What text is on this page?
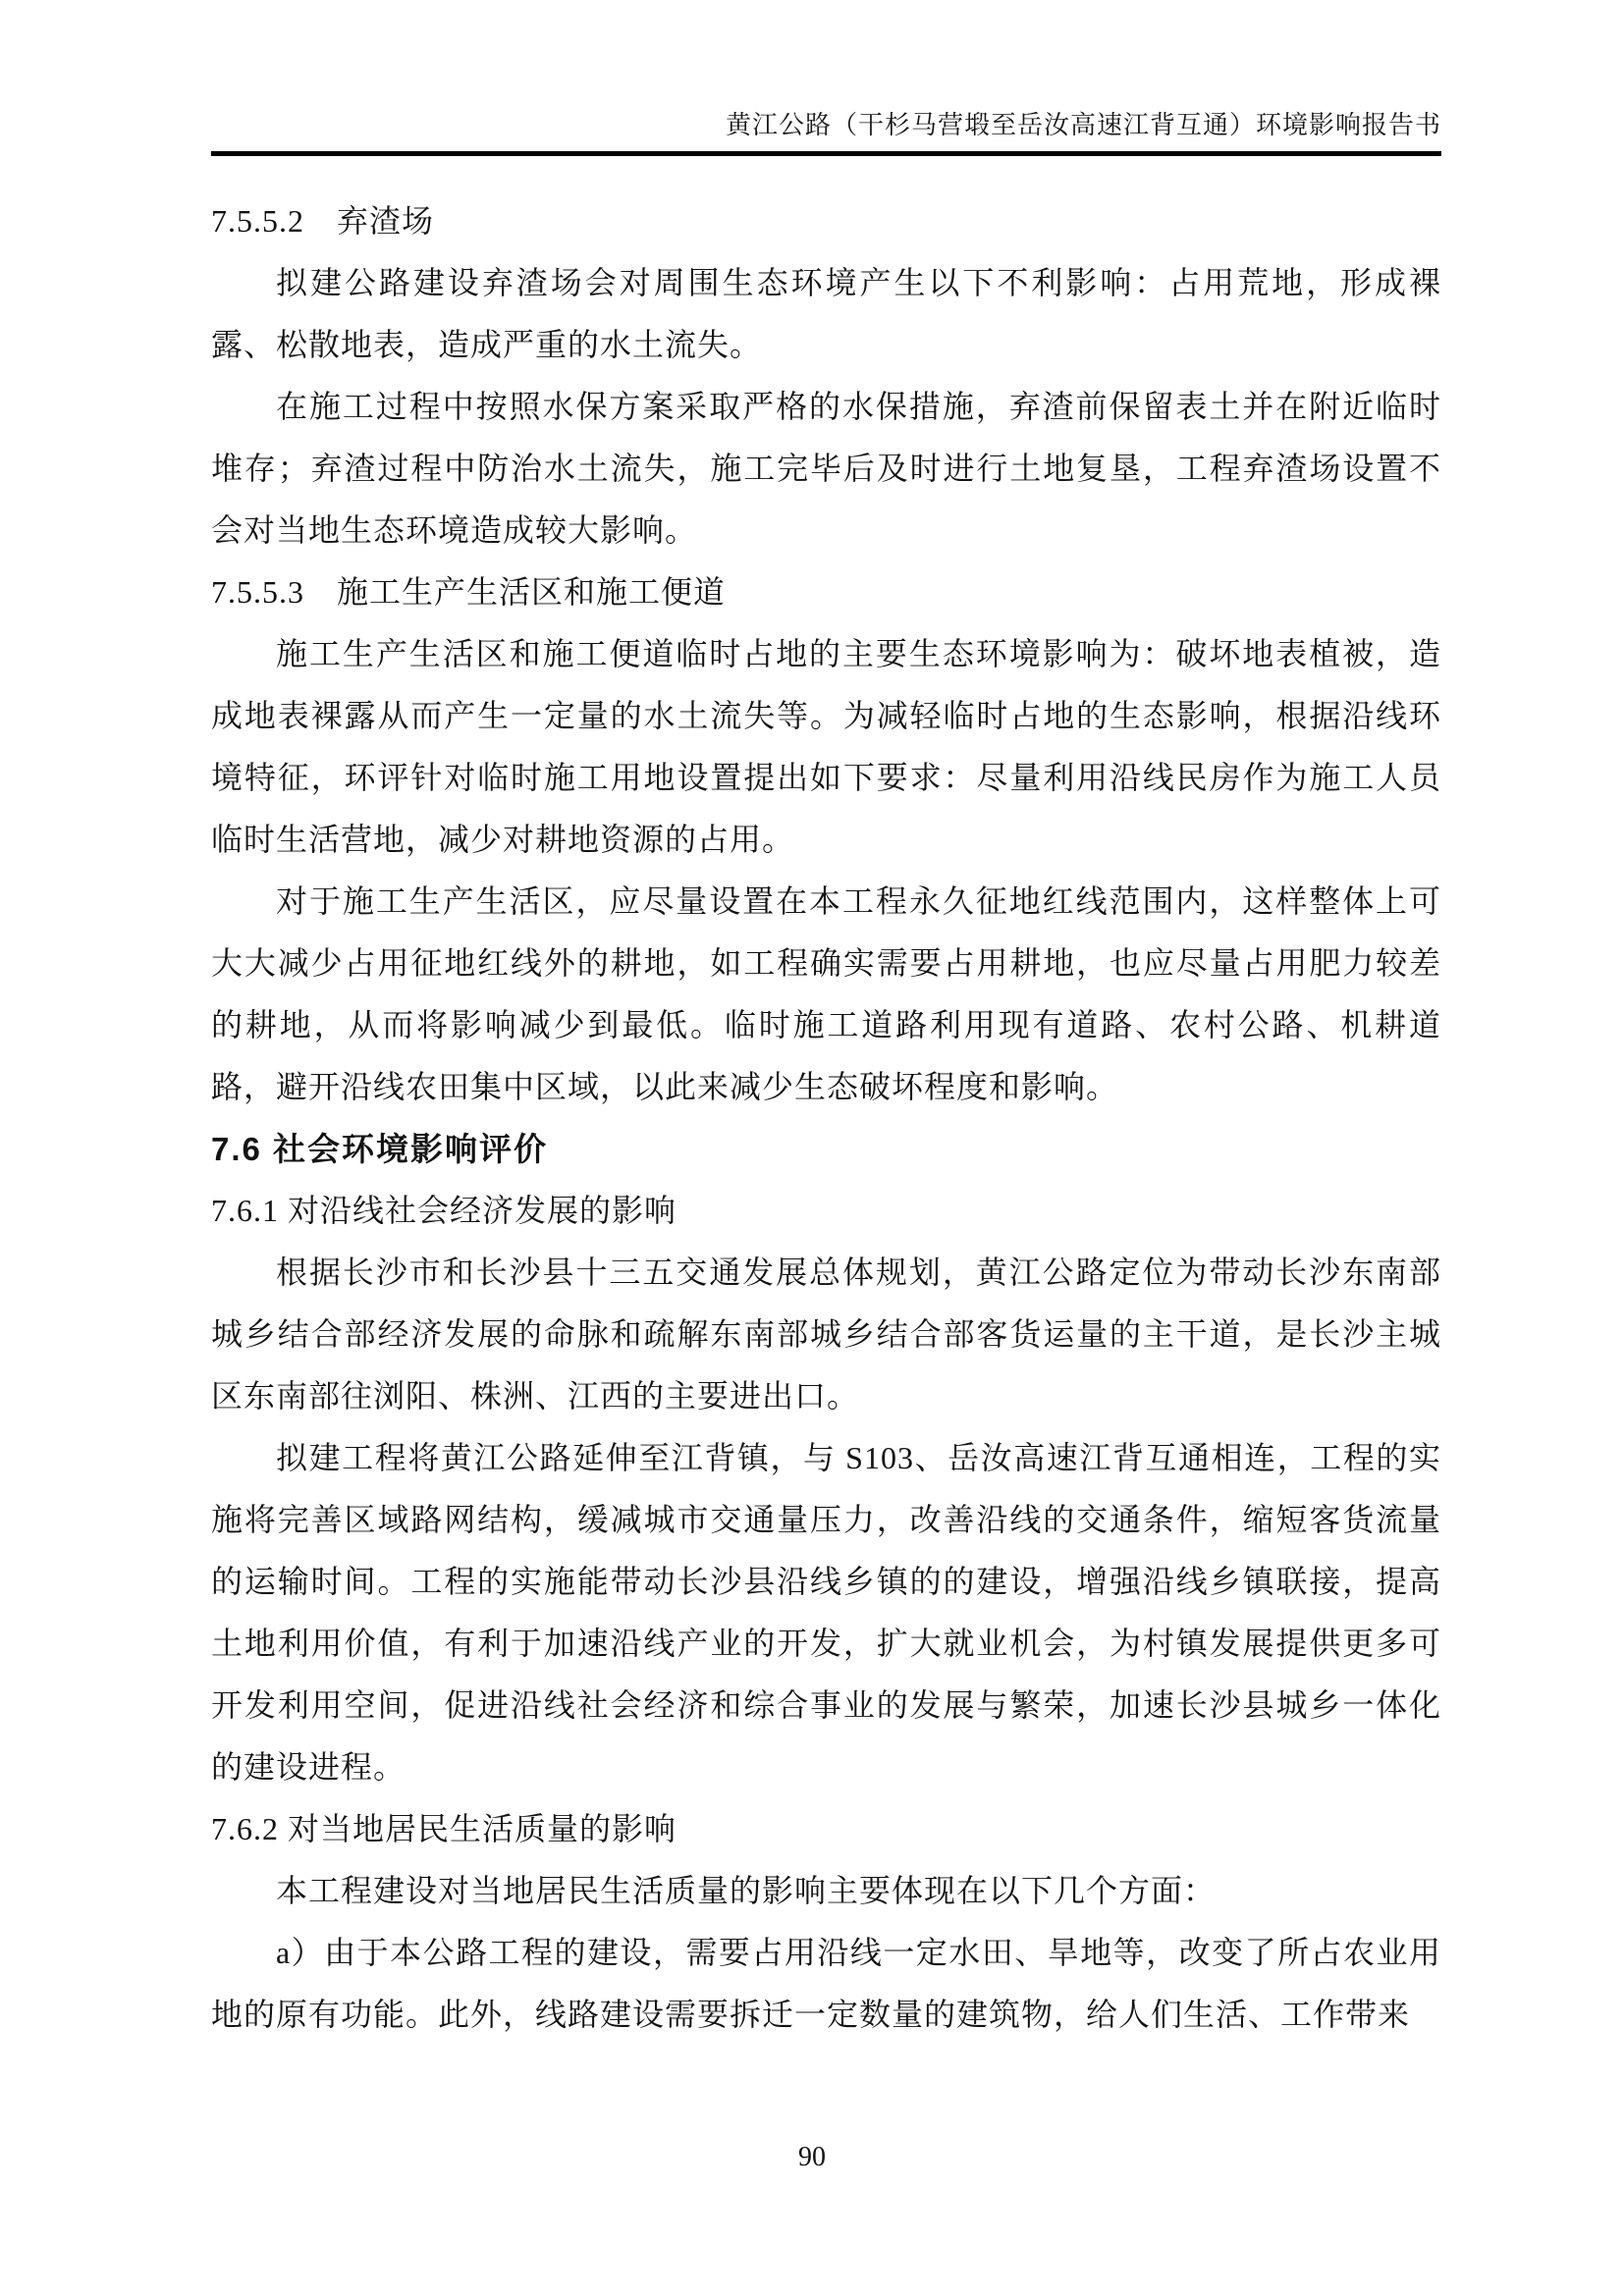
黄江公路（干杉马营塅至岳汝高速江背互通）环境影响报告书
7.5.5.2　弃渣场

拟建公路建设弃渣场会对周围生态环境产生以下不利影响：占用荒地，形成裸露、松散地表，造成严重的水土流失。

在施工过程中按照水保方案采取严格的水保措施，弃渣前保留表土并在附近临时堆存；弃渣过程中防治水土流失，施工完毕后及时进行土地复垦，工程弃渣场设置不会对当地生态环境造成较大影响。

7.5.5.3　施工生产生活区和施工便道

施工生产生活区和施工便道临时占地的主要生态环境影响为：破坏地表植被，造成地表裸露从而产生一定量的水土流失等。为减轻临时占地的生态影响，根据沿线环境特征，环评针对临时施工用地设置提出如下要求：尽量利用沿线民房作为施工人员临时生活营地，减少对耕地资源的占用。

对于施工生产生活区，应尽量设置在本工程永久征地红线范围内，这样整体上可大大减少占用征地红线外的耕地，如工程确实需要占用耕地，也应尽量占用肥力较差的耕地，从而将影响减少到最低。临时施工道路利用现有道路、农村公路、机耕道路，避开沿线农田集中区域，以此来减少生态破坏程度和影响。

7.6 社会环境影响评价
7.6.1 对沿线社会经济发展的影响

根据长沙市和长沙县十三五交通发展总体规划，黄江公路定位为带动长沙东南部城乡结合部经济发展的命脉和疏解东南部城乡结合部客货运量的主干道，是长沙主城区东南部往浏阳、株洲、江西的主要进出口。

拟建工程将黄江公路延伸至江背镇，与 S103、岳汝高速江背互通相连，工程的实施将完善区域路网结构，缓减城市交通量压力，改善沿线的交通条件，缩短客货流量的运输时间。工程的实施能带动长沙县沿线乡镇的的建设，增强沿线乡镇联接，提高土地利用价值，有利于加速沿线产业的开发，扩大就业机会，为村镇发展提供更多可开发利用空间，促进沿线社会经济和综合事业的发展与繁荣，加速长沙县城乡一体化的建设进程。

7.6.2 对当地居民生活质量的影响

本工程建设对当地居民生活质量的影响主要体现在以下几个方面：

a）由于本公路工程的建设，需要占用沿线一定水田、旱地等，改变了所占农业用地的原有功能。此外，线路建设需要拆迁一定数量的建筑物，给人们生活、工作带来

90
